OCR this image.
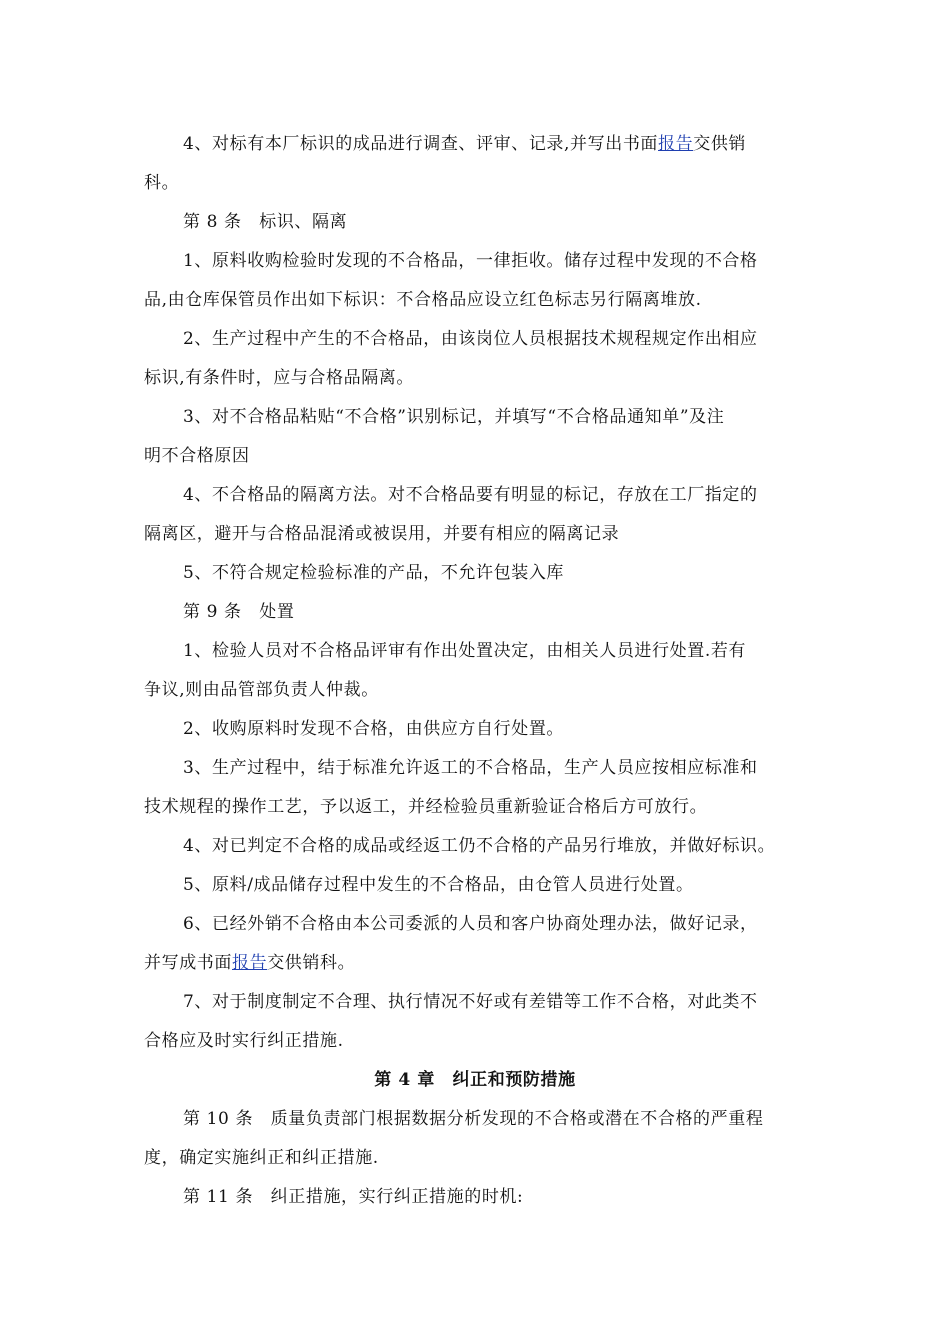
4、对标有本厂标识的成品进行调查、评审、记录,并写出书面报告交供销
科。
第 8 条　标识、隔离
1、原料收购检验时发现的不合格品，一律拒收。储存过程中发现的不合格
品,由仓库保管员作出如下标识：不合格品应设立红色标志另行隔离堆放.
2、生产过程中产生的不合格品，由该岗位人员根据技术规程规定作出相应
标识,有条件时，应与合格品隔离。
3、对不合格品粘贴“不合格”识别标记，并填写“不合格品通知单”及注
明不合格原因
4、不合格品的隔离方法。对不合格品要有明显的标记，存放在工厂指定的
隔离区，避开与合格品混淆或被误用，并要有相应的隔离记录
5、不符合规定检验标准的产品，不允许包装入库
第 9 条　处置
1、检验人员对不合格品评审有作出处置决定，由相关人员进行处置.若有
争议,则由品管部负责人仲裁。
2、收购原料时发现不合格，由供应方自行处置。
3、生产过程中，结于标准允许返工的不合格品，生产人员应按相应标准和
技术规程的操作工艺，予以返工，并经检验员重新验证合格后方可放行。
4、对已判定不合格的成品或经返工仍不合格的产品另行堆放，并做好标识。
5、原料/成品储存过程中发生的不合格品，由仓管人员进行处置。
6、已经外销不合格由本公司委派的人员和客户协商处理办法，做好记录，
并写成书面报告交供销科。
7、对于制度制定不合理、执行情况不好或有差错等工作不合格，对此类不
合格应及时实行纠正措施.
第 4 章　纠正和预防措施
第 10 条　质量负责部门根据数据分析发现的不合格或潜在不合格的严重程
度，确定实施纠正和纠正措施.
第 11 条　纠正措施，实行纠正措施的时机:
